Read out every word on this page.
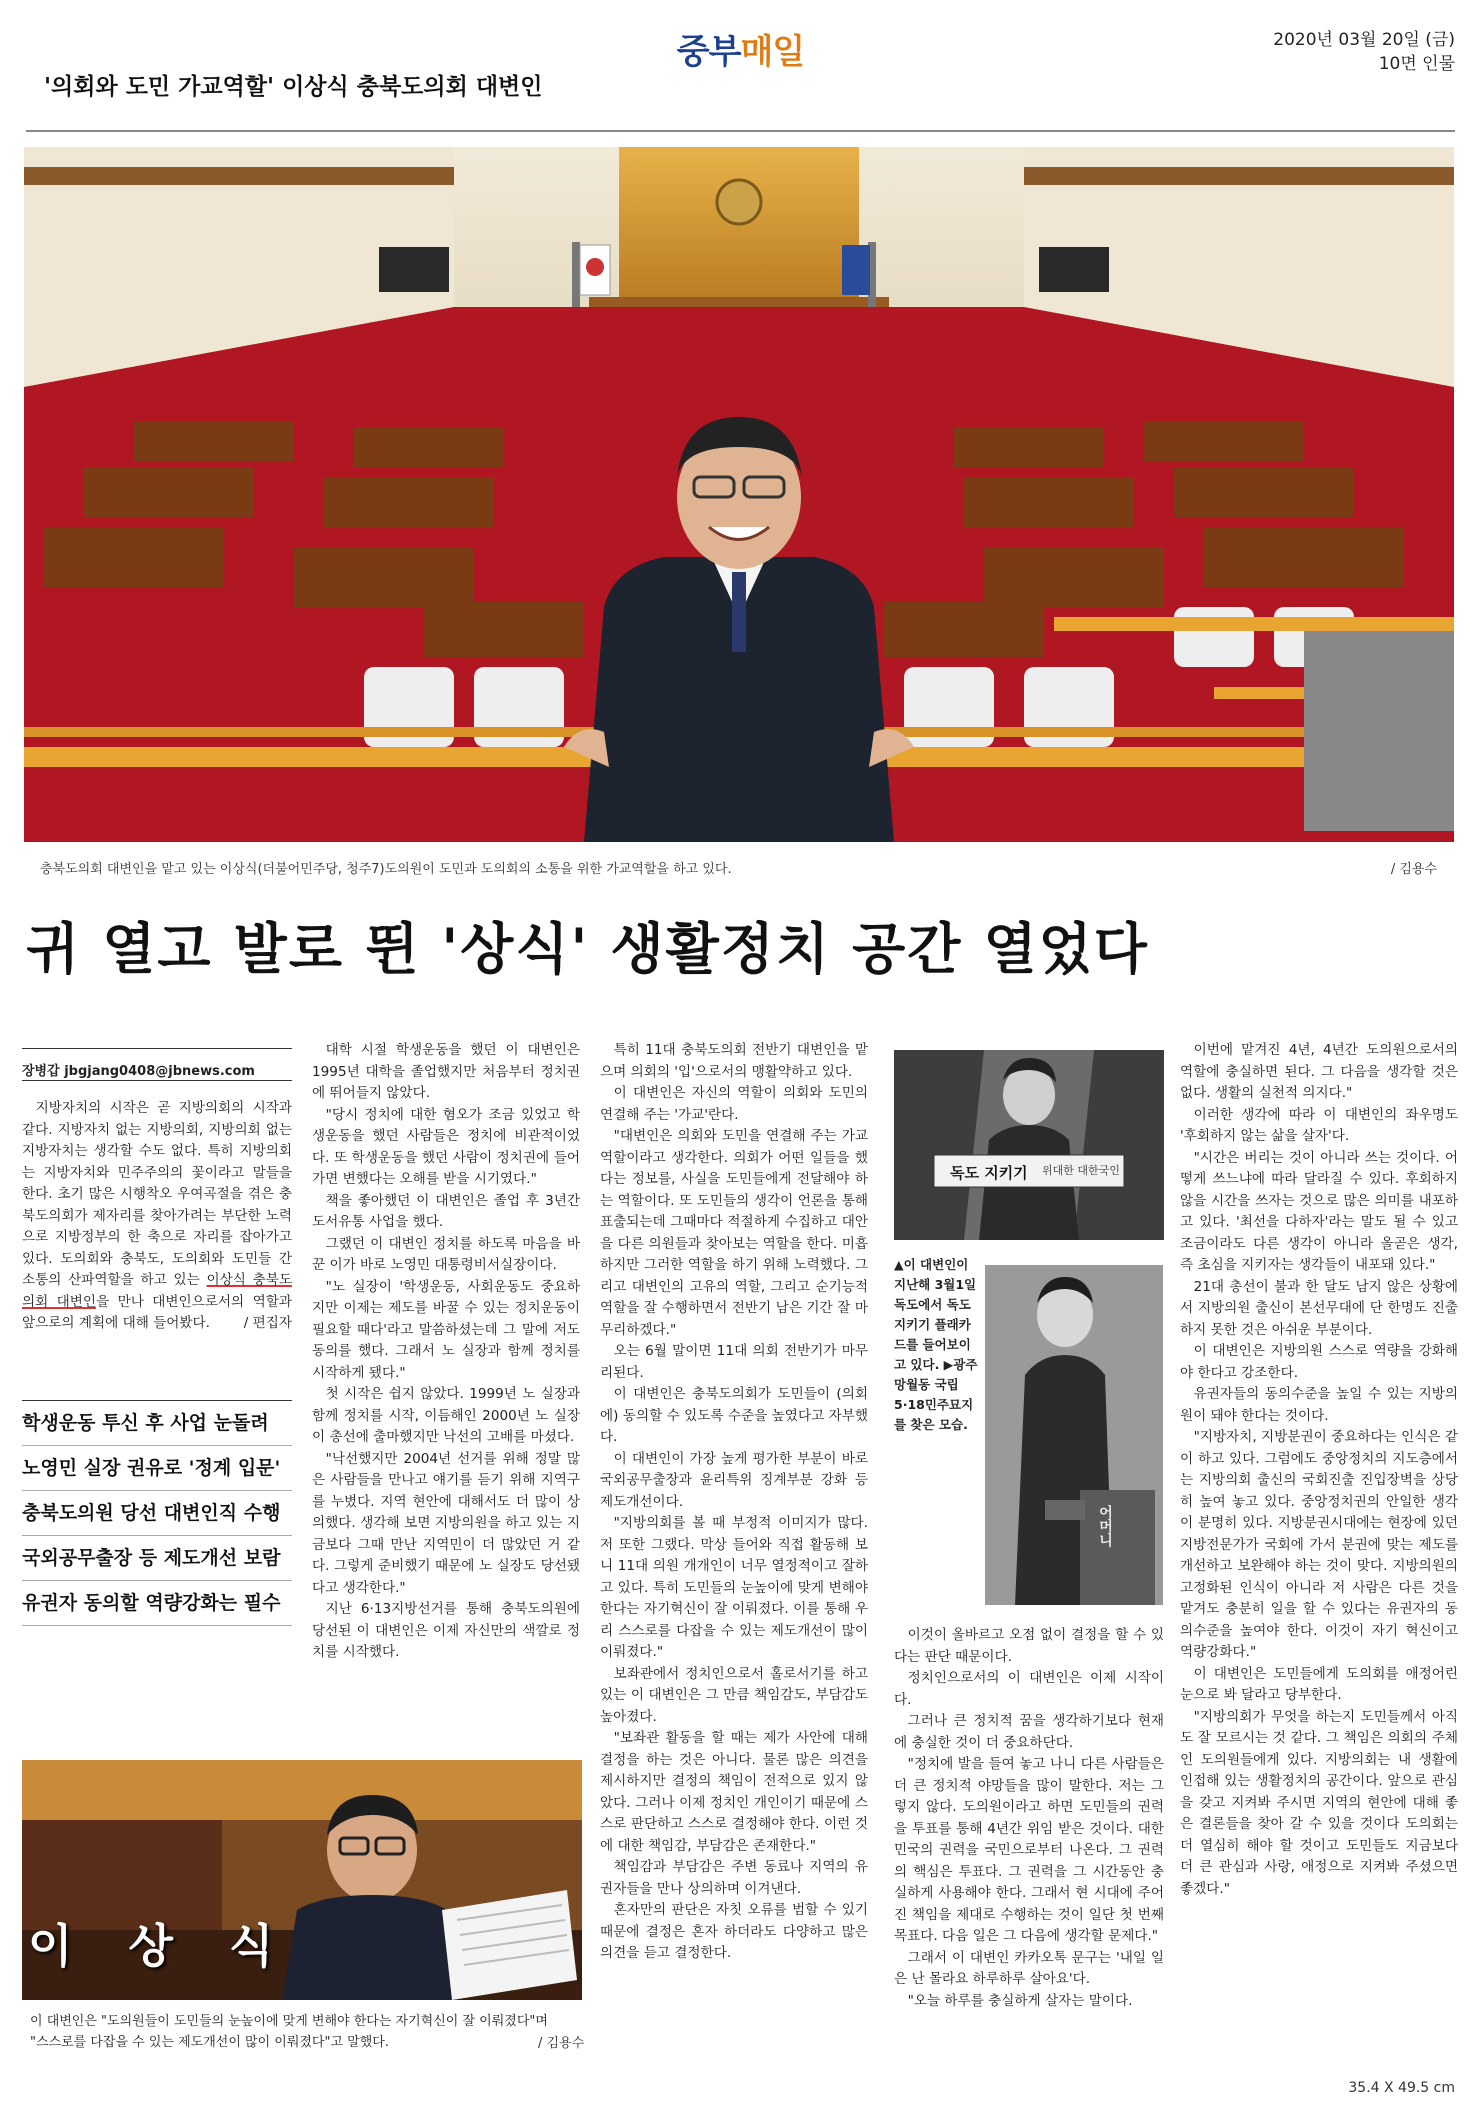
중부매일	2020년 03월 20일 (금)
10면 인물
'의회와 도민 가교역할' 이상식 충북도의회 대변인
충북도의회 대변인을 맡고 있는 이상식(더불어민주당, 청주7)도의원이 도민과 도의회의 소통을 위한 가교역할을 하고 있다.	/ 김용수
귀 열고 발로 뛴 '상식' 생활정치 공간 열었다
장병갑 jbgjang0408@jbnews.com

지방자치의 시작은 곧 지방의회의 시작과 같다. 지방자치 없는 지방의회, 지방의회 없는 지방자치는 생각할 수도 없다. 특히 지방의회는 지방자치와 민주주의의 꽃이라고 말들을 한다. 초기 많은 시행착오 우여곡절을 겪은 충북도의회가 제자리를 찾아가려는 부단한 노력으로 지방정부의 한 축으로 자리를 잡아가고 있다. 도의회와 충북도, 도의회와 도민들 간 소통의 산파역할을 하고 있는 이상식 충북도의회 대변인을 만나 대변인으로서의 역할과 앞으로의 계획에 대해 들어봤다.	/ 편집자

학생운동 투신 후 사업 눈돌려
노영민 실장 권유로 '정계 입문'
충북도의원 당선 대변인직 수행
국외공무출장 등 제도개선 보람
유권자 동의할 역량강화는 필수

대학 시절 학생운동을 했던 이 대변인은 1995년 대학을 졸업했지만 처음부터 정치권에 뛰어들지 않았다.

"당시 정치에 대한 혐오가 조금 있었고 학생운동을 했던 사람들은 정치에 비관적이었다. 또 학생운동을 했던 사람이 정치권에 들어가면 변했다는 오해를 받을 시기였다."

책을 좋아했던 이 대변인은 졸업 후 3년간 도서유통 사업을 했다.

그랬던 이 대변인 정치를 하도록 마음을 바꾼 이가 바로 노영민 대통령비서실장이다.

"노 실장이 '학생운동, 사회운동도 중요하지만 이제는 제도를 바꿀 수 있는 정치운동이 필요할 때다'라고 말씀하셨는데 그 말에 저도 동의를 했다. 그래서 노 실장과 함께 정치를 시작하게 됐다."

첫 시작은 쉽지 않았다. 1999년 노 실장과 함께 정치를 시작, 이듬해인 2000년 노 실장이 총선에 출마했지만 낙선의 고배를 마셨다.

"낙선했지만 2004년 선거를 위해 정말 많은 사람들을 만나고 얘기를 듣기 위해 지역구를 누볐다. 지역 현안에 대해서도 더 많이 상의했다. 생각해 보면 지방의원을 하고 있는 지금보다 그때 만난 지역민이 더 많았던 거 같다. 그렇게 준비했기 때문에 노 실장도 당선됐다고 생각한다."

지난 6·13지방선거를 통해 충북도의원에 당선된 이 대변인은 이제 자신만의 색깔로 정치를 시작했다.

특히 11대 충북도의회 전반기 대변인을 맡으며 의회의 '입'으로서의 맹활약하고 있다.

이 대변인은 자신의 역할이 의회와 도민의 연결해 주는 '가교'란다.

"대변인은 의회와 도민을 연결해 주는 가교역할이라고 생각한다. 의회가 어떤 일들을 했다는 정보를, 사실을 도민들에게 전달해야 하는 역할이다. 또 도민들의 생각이 언론을 통해 표출되는데 그때마다 적절하게 수집하고 대안을 다른 의원들과 찾아보는 역할을 한다. 미흡하지만 그러한 역할을 하기 위해 노력했다. 그리고 대변인의 고유의 역할, 그리고 순기능적 역할을 잘 수행하면서 전반기 남은 기간 잘 마무리하겠다."

오는 6월 말이면 11대 의회 전반기가 마무리된다.

이 대변인은 충북도의회가 도민들이 (의회에) 동의할 수 있도록 수준을 높였다고 자부했다.

이 대변인이 가장 높게 평가한 부분이 바로 국외공무출장과 윤리특위 징계부분 강화 등 제도개선이다.

"지방의회를 볼 때 부정적 이미지가 많다. 저 또한 그랬다. 막상 들어와 직접 활동해 보니 11대 의원 개개인이 너무 열정적이고 잘하고 있다. 특히 도민들의 눈높이에 맞게 변해야 한다는 자기혁신이 잘 이뤄졌다. 이를 통해 우리 스스로를 다잡을 수 있는 제도개선이 많이 이뤄졌다."

보좌관에서 정치인으로서 홀로서기를 하고 있는 이 대변인은 그 만큼 책임감도, 부담감도 높아졌다.

"보좌관 활동을 할 때는 제가 사안에 대해 결정을 하는 것은 아니다. 물론 많은 의견을 제시하지만 결정의 책임이 전적으로 있지 않았다. 그러나 이제 정치인 개인이기 때문에 스스로 판단하고 스스로 결정해야 한다. 이런 것에 대한 책임감, 부담감은 존재한다."

책임감과 부담감은 주변 동료나 지역의 유권자들을 만나 상의하며 이겨낸다.

혼자만의 판단은 자칫 오류를 범할 수 있기 때문에 결정은 혼자 하더라도 다양하고 많은 의견을 듣고 결정한다.

독도 지키기 위대한 대한국인
▲이 대변인이 지난해 3월1일 독도에서 독도지키기 플래카드를 들어보이고 있다. ▶광주 망월동 국립 5·18민주묘지를 찾은 모습.
어머니

이것이 올바르고 오점 없이 결정을 할 수 있다는 판단 때문이다.

정치인으로서의 이 대변인은 이제 시작이다.

그러나 큰 정치적 꿈을 생각하기보다 현재에 충실한 것이 더 중요하단다.

"정치에 발을 들여 놓고 나니 다른 사람들은 더 큰 정치적 야망들을 많이 말한다. 저는 그렇지 않다. 도의원이라고 하면 도민들의 권력을 투표를 통해 4년간 위임 받은 것이다. 대한민국의 권력을 국민으로부터 나온다. 그 권력의 핵심은 투표다. 그 권력을 그 시간동안 충실하게 사용해야 한다. 그래서 현 시대에 주어진 책임을 제대로 수행하는 것이 일단 첫 번째 목표다. 다음 일은 그 다음에 생각할 문제다."

그래서 이 대변인 카카오톡 문구는 '내일 일은 난 몰라요 하루하루 살아요'다.

"오늘 하루를 충실하게 살자는 말이다.

이번에 맡겨진 4년, 4년간 도의원으로서의 역할에 충실하면 된다. 그 다음을 생각할 것은 없다. 생활의 실천적 의지다."

이러한 생각에 따라 이 대변인의 좌우명도 '후회하지 않는 삶을 살자'다.

"시간은 버리는 것이 아니라 쓰는 것이다. 어떻게 쓰느냐에 따라 달라질 수 있다. 후회하지 않을 시간을 쓰자는 것으로 많은 의미를 내포하고 있다. '최선을 다하자'라는 말도 될 수 있고 조금이라도 다른 생각이 아니라 올곧은 생각, 즉 초심을 지키자는 생각들이 내포돼 있다."

21대 총선이 불과 한 달도 남지 않은 상황에서 지방의원 출신이 본선무대에 단 한명도 진출하지 못한 것은 아쉬운 부분이다.

이 대변인은 지방의원 스스로 역량을 강화해야 한다고 강조한다.

유권자들의 동의수준을 높일 수 있는 지방의원이 돼야 한다는 것이다.

"지방자치, 지방분권이 중요하다는 인식은 같이 하고 있다. 그럼에도 중앙정치의 지도층에서는 지방의회 출신의 국회진출 진입장벽을 상당히 높여 놓고 있다. 중앙정치권의 안일한 생각이 분명히 있다. 지방분권시대에는 현장에 있던 지방전문가가 국회에 가서 분권에 맞는 제도를 개선하고 보완해야 하는 것이 맞다. 지방의원의 고정화된 인식이 아니라 저 사람은 다른 것을 맡겨도 충분히 일을 할 수 있다는 유권자의 동의수준을 높여야 한다. 이것이 자기 혁신이고 역량강화다."

이 대변인은 도민들에게 도의회를 애정어린 눈으로 봐 달라고 당부한다.

"지방의회가 무엇을 하는지 도민들께서 아직도 잘 모르시는 것 같다. 그 책임은 의회의 주체인 도의원들에게 있다. 지방의회는 내 생활에 인접해 있는 생활정치의 공간이다. 앞으로 관심을 갖고 지켜봐 주시면 지역의 현안에 대해 좋은 결론들을 찾아 갈 수 있을 것이다 도의회는 더 열심히 해야 할 것이고 도민들도 지금보다 더 큰 관심과 사랑, 애정으로 지켜봐 주셨으면 좋겠다."

이 상 식
이 대변인은 "도의원들이 도민들의 눈높이에 맞게 변해야 한다는 자기혁신이 잘 이뤄졌다"며
"스스로를 다잡을 수 있는 제도개선이 많이 이뤄졌다"고 말했다.	/ 김용수
35.4 X 49.5 cm
